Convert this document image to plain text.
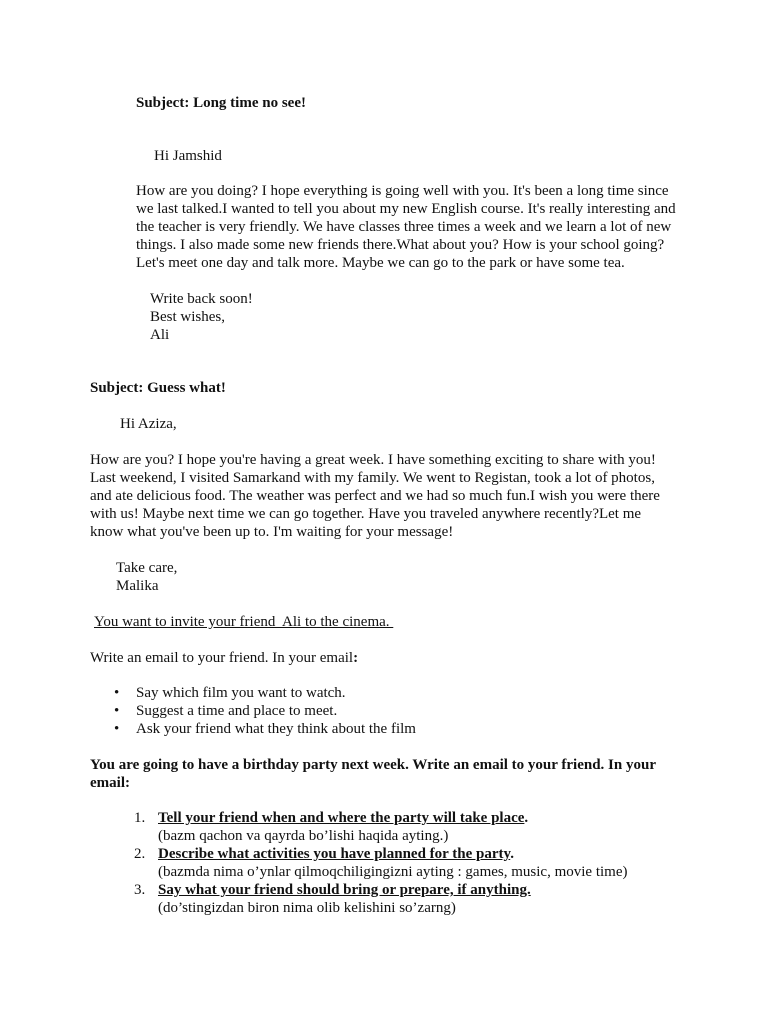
Subject: Long time no see!
Hi Jamshid
How are you doing? I hope everything is going well with you. It's been a long time since
we last talked.I wanted to tell you about my new English course. It's really interesting and
the teacher is very friendly. We have classes three times a week and we learn a lot of new
things. I also made some new friends there.What about you? How is your school going?
Let's meet one day and talk more. Maybe we can go to the park or have some tea.
Write back soon!
Best wishes,
Ali
Subject: Guess what!
Hi Aziza,
How are you? I hope you're having a great week. I have something exciting to share with you!
Last weekend, I visited Samarkand with my family. We went to Registan, took a lot of photos,
and ate delicious food. The weather was perfect and we had so much fun.I wish you were there
with us! Maybe next time we can go together. Have you traveled anywhere recently?Let me
know what you've been up to. I'm waiting for your message!
Take care,
Malika
You want to invite your friend  Ali to the cinema.
Write an email to your friend. In your email:
• Say which film you want to watch.
• Suggest a time and place to meet.
• Ask your friend what they think about the film
You are going to have a birthday party next week. Write an email to your friend. In your
email:
1. Tell your friend when and where the party will take place.
(bazm qachon va qayrda bo’lishi haqida ayting.)
2. Describe what activities you have planned for the party.
(bazmda nima o’ynlar qilmoqchiligingizni ayting : games, music, movie time)
3. Say what your friend should bring or prepare, if anything.
(do’stingizdan biron nima olib kelishini so’zarng)
